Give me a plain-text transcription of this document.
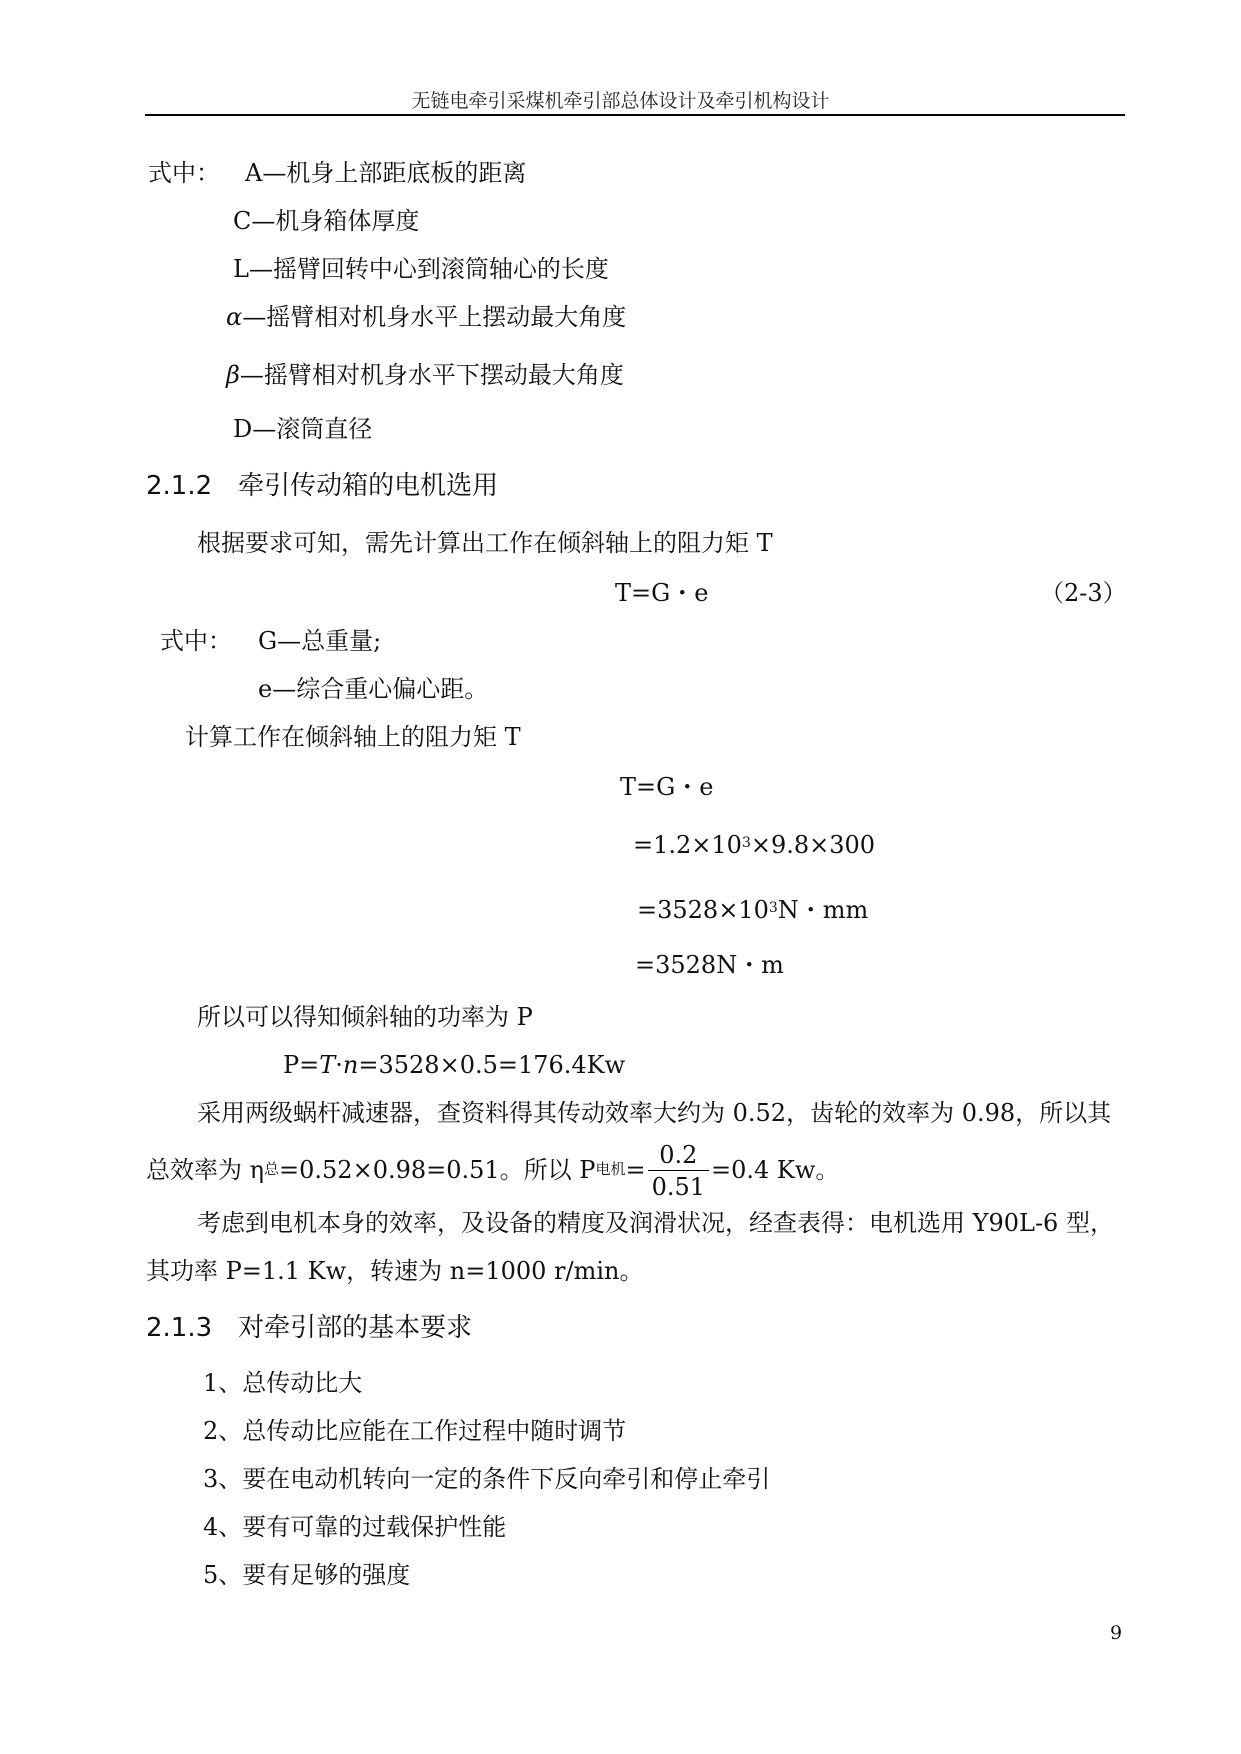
无链电牵引采煤机牵引部总体设计及牵引机构设计
式中： A—机身上部距底板的距离
C—机身箱体厚度
L—摇臂回转中心到滚筒轴心的长度
α—摇臂相对机身水平上摆动最大角度
β—摇臂相对机身水平下摆动最大角度
D—滚筒直径
2.1.2　牵引传动箱的电机选用
根据要求可知，需先计算出工作在倾斜轴上的阻力矩 T
T=G・e	（2-3）
式中： G—总重量;
e—综合重心偏心距。
计算工作在倾斜轴上的阻力矩 T
T=G・e
$=1.2\times 10^3\times 9.8\times 300$
$=3528\times 10^3N$・mm
=3528N・m
所以可以得知倾斜轴的功率为 P
P=T·n=3528×0.5=176.4Kw
采用两级蜗杆减速器，查资料得其传动效率大约为 0.52，齿轮的效率为 0.98，所以其
总效率为 η总=0.52×0.98=0.51。所以 P电机= $\frac{0.2}{0.51} =0.4$ Kw。
考虑到电机本身的效率，及设备的精度及润滑状况，经查表得：电机选用 Y90L-6 型，
其功率 P=1.1 Kw，转速为 n=1000 r/min。
2.1.3　对牵引部的基本要求
1、总传动比大
2、总传动比应能在工作过程中随时调节
3、要在电动机转向一定的条件下反向牵引和停止牵引
4、要有可靠的过载保护性能
5、要有足够的强度
9
